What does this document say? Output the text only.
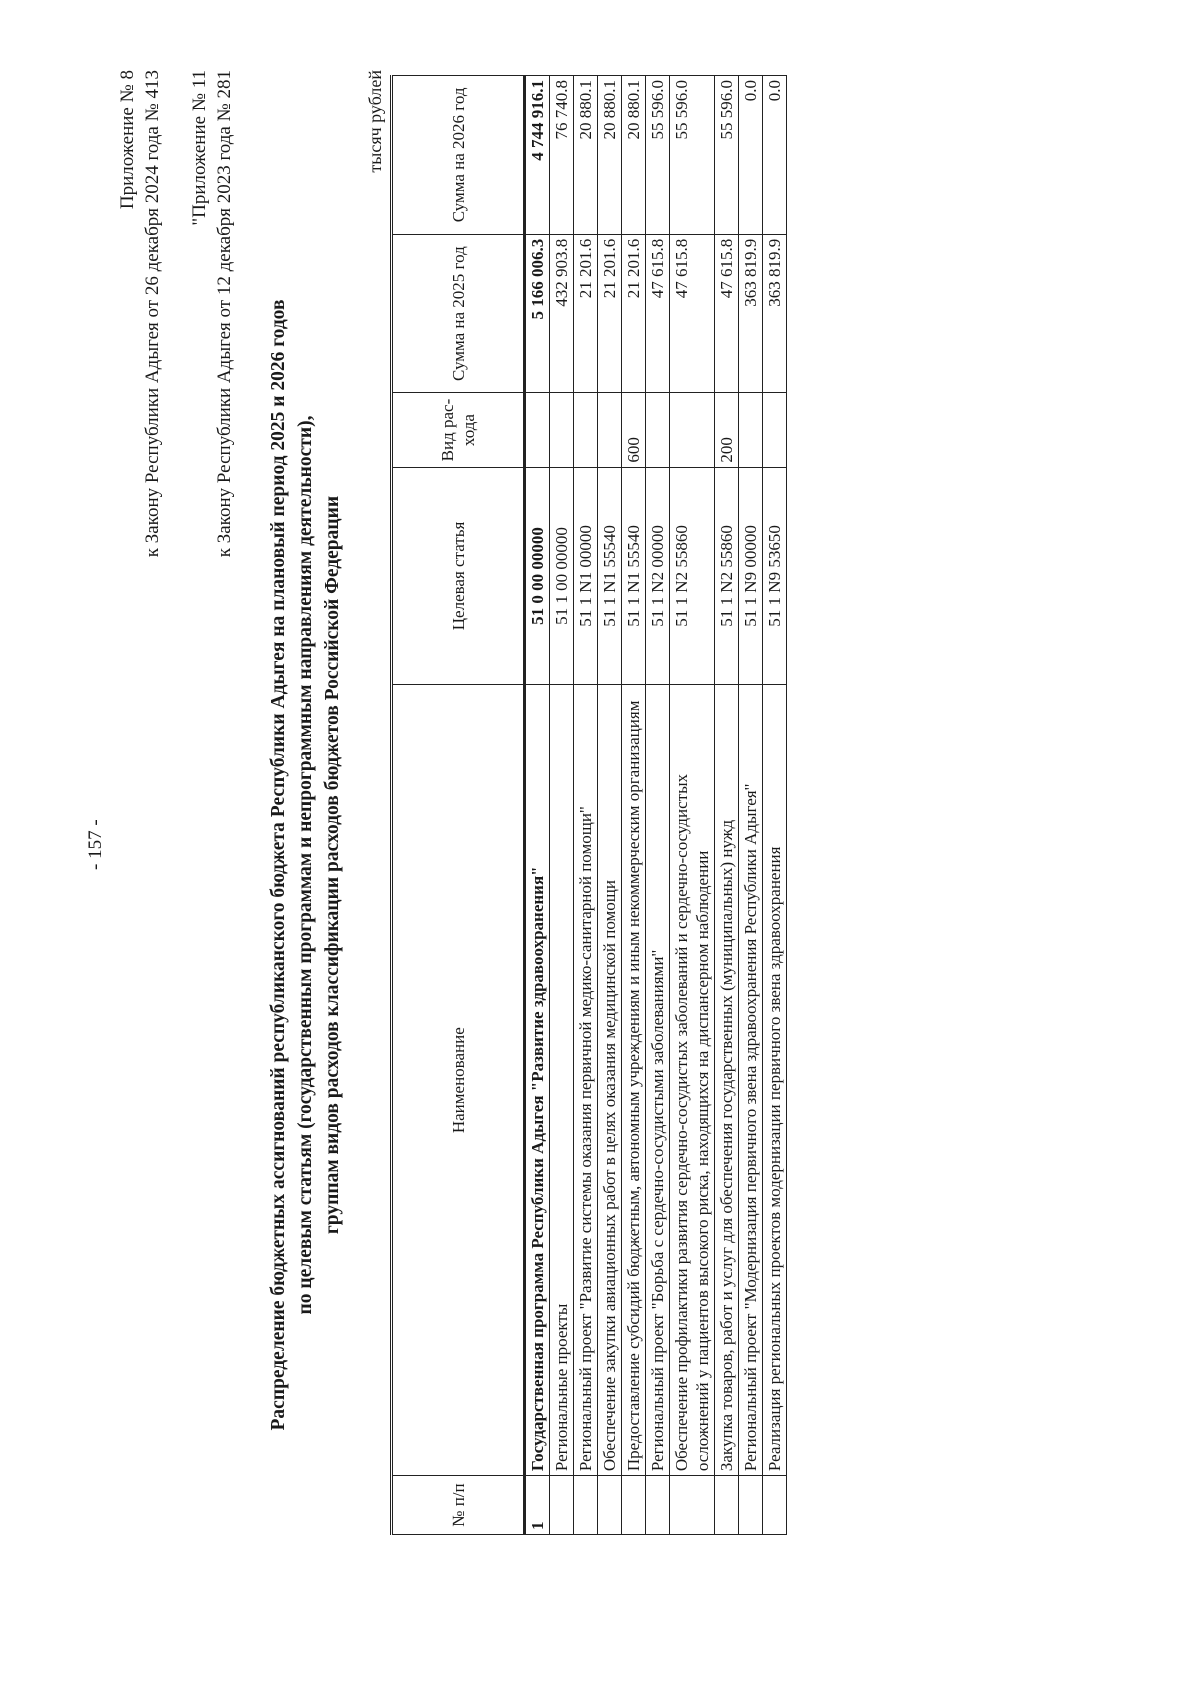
- 157 -
Приложение № 8 к Закону Республики Адыгея от 26 декабря 2024 года № 413 "Приложение № 11 к Закону Республики Адыгея от 12 декабря 2023 года № 281 Распределение бюджетных ассигнований республиканского бюджета Республики Адыгея на плановый период 2025 и 2026 годов по целевым статьям (государственным программам и непрограммным направлениям деятельности), группам видов расходов классификации расходов бюджетов Российской Федерации
тысяч рублей
№ п/п	Наименование	Целевая статья	Вид рас-хода	Сумма на 2025 год	Сумма на 2026 год
1	Государственная программа Республики Адыгея "Развитие здравоохранения"	51 0 00 00000		5 166 006.3	4 744 916.1
	Региональные проекты	51 1 00 00000		432 903.8	76 740.8
	Региональный проект "Развитие системы оказания первичной медико-санитарной помощи"	51 1 N1 00000		21 201.6	20 880.1
	Обеспечение закупки авиационных работ в целях оказания медицинской помощи	51 1 N1 55540		21 201.6	20 880.1
	Предоставление субсидий бюджетным, автономным учреждениям и иным некоммерческим организациям	51 1 N1 55540	600	21 201.6	20 880.1
	Региональный проект "Борьба с сердечно-сосудистыми заболеваниями"	51 1 N2 00000		47 615.8	55 596.0
	Обеспечение профилактики развития сердечно-сосудистых заболеваний и сердечно-сосудистых осложнений у пациентов высокого риска, находящихся на диспансерном наблюдении	51 1 N2 55860		47 615.8	55 596.0
	Закупка товаров, работ и услуг для обеспечения государственных (муниципальных) нужд	51 1 N2 55860	200	47 615.8	55 596.0
	Региональный проект "Модернизация первичного звена здравоохранения Республики Адыгея"	51 1 N9 00000		363 819.9	0.0
	Реализация региональных проектов модернизации первичного звена здравоохранения	51 1 N9 53650		363 819.9	0.0
